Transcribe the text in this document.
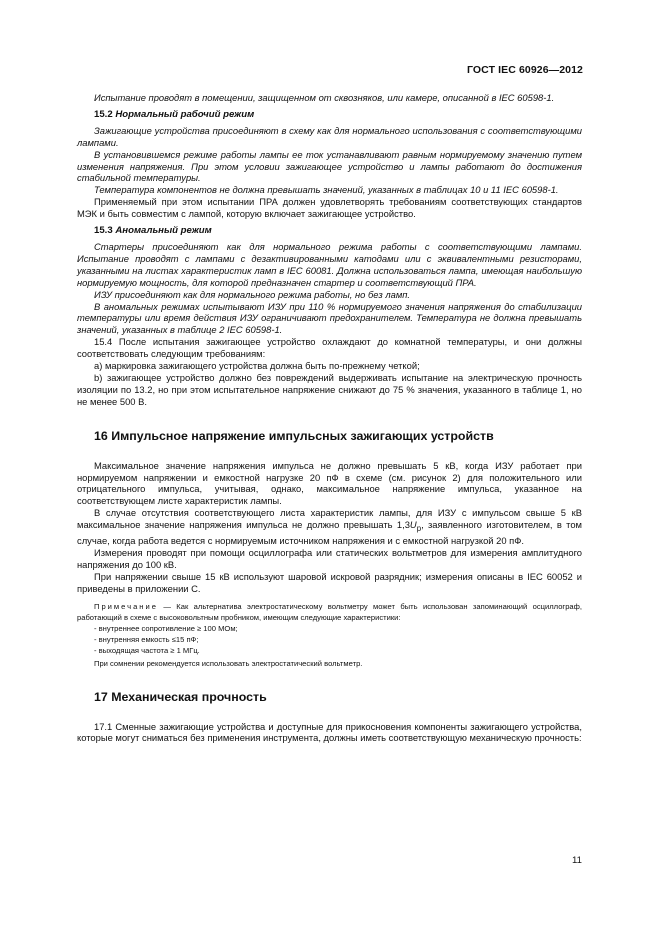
ГОСТ IEC 60926—2012

Испытание проводят в помещении, защищенном от сквозняков, или камере, описанной в IEC 60598-1.

15.2 Нормальный рабочий режим

Зажигающие устройства присоединяют в схему как для нормального использования с соответствующими лампами.

В установившемся режиме работы лампы ее ток устанавливают равным нормируемому значению путем изменения напряжения. При этом условии зажигающее устройство и лампы работают до достижения стабильной температуры.

Температура компонентов не должна превышать значений, указанных в таблицах 10 и 11 IEC 60598-1.

Применяемый при этом испытании ПРА должен удовлетворять требованиям соответствующих стандартов МЭК и быть совместим с лампой, которую включает зажигающее устройство.

15.3 Аномальный режим

Стартеры присоединяют как для нормального режима работы с соответствующими лампами. Испытание проводят с лампами с дезактивированными катодами или с эквивалентными резисторами, указанными на листах характеристик ламп в IEC 60081. Должна использоваться лампа, имеющая наибольшую нормируемую мощность, для которой предназначен стартер и соответствующий ПРА.

ИЗУ присоединяют как для нормального режима работы, но без ламп.

В аномальных режимах испытывают ИЗУ при 110 % нормируемого значения напряжения до стабилизации температуры или время действия ИЗУ ограничивают предохранителем. Температура не должна превышать значений, указанных в таблице 2 IEC 60598-1.

15.4 После испытания зажигающее устройство охлаждают до комнатной температуры, и они должны соответствовать следующим требованиям:

a) маркировка зажигающего устройства должна быть по-прежнему четкой;

b) зажигающее устройство должно без повреждений выдерживать испытание на электрическую прочность изоляции по 13.2, но при этом испытательное напряжение снижают до 75 % значения, указанного в таблице 1, но не менее 500 В.

16 Импульсное напряжение импульсных зажигающих устройств

Максимальное значение напряжения импульса не должно превышать 5 кВ, когда ИЗУ работает при нормируемом напряжении и емкостной нагрузке 20 пФ в схеме (см. рисунок 2) для положительного или отрицательного импульса, учитывая, однако, максимальное напряжение импульса, указанное на соответствующем листе характеристик лампы.

В случае отсутствия соответствующего листа характеристик лампы, для ИЗУ с импульсом свыше 5 кВ максимальное значение напряжения импульса не должно превышать $1,3U_p$, заявленного изготовителем, в том случае, когда работа ведется с нормируемым источником напряжения и с емкостной нагрузкой 20 пФ.

Измерения проводят при помощи осциллографа или статических вольтметров для измерения амплитудного напряжения до 100 кВ.

При напряжении свыше 15 кВ используют шаровой искровой разрядник; измерения описаны в IEC 60052 и приведены в приложении С.

Примечание — Как альтернатива электростатическому вольтметру может быть использован запоминающий осциллограф, работающий в схеме с высоковольтным пробником, имеющим следующие характеристики:

- внутреннее сопротивление ≥ 100 МОм;

- внутренняя емкость ≤15 пФ;

- выходящая частота ≥ 1 МГц.

При сомнении рекомендуется использовать электростатический вольтметр.

17 Механическая прочность

17.1 Сменные зажигающие устройства и доступные для прикосновения компоненты зажигающего устройства, которые могут сниматься без применения инструмента, должны иметь соответствующую механическую прочность:

11
